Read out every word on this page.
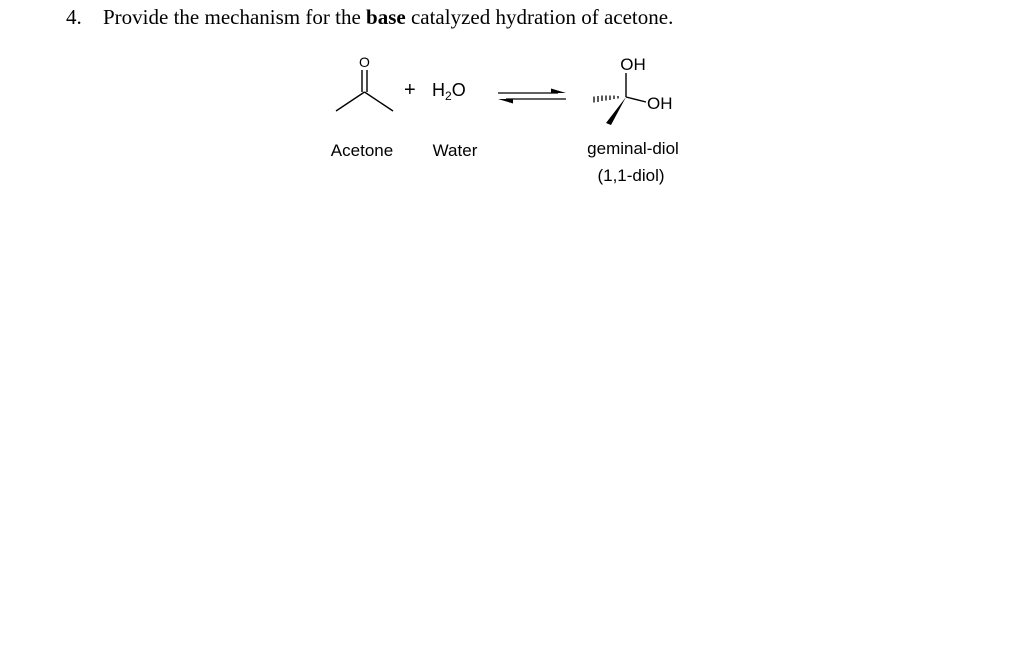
4. Provide the mechanism for the base catalyzed hydration of acetone.
O
+ $H_2O$
OH
OH
Acetone Water	geminal-diol
(1,1-diol)
